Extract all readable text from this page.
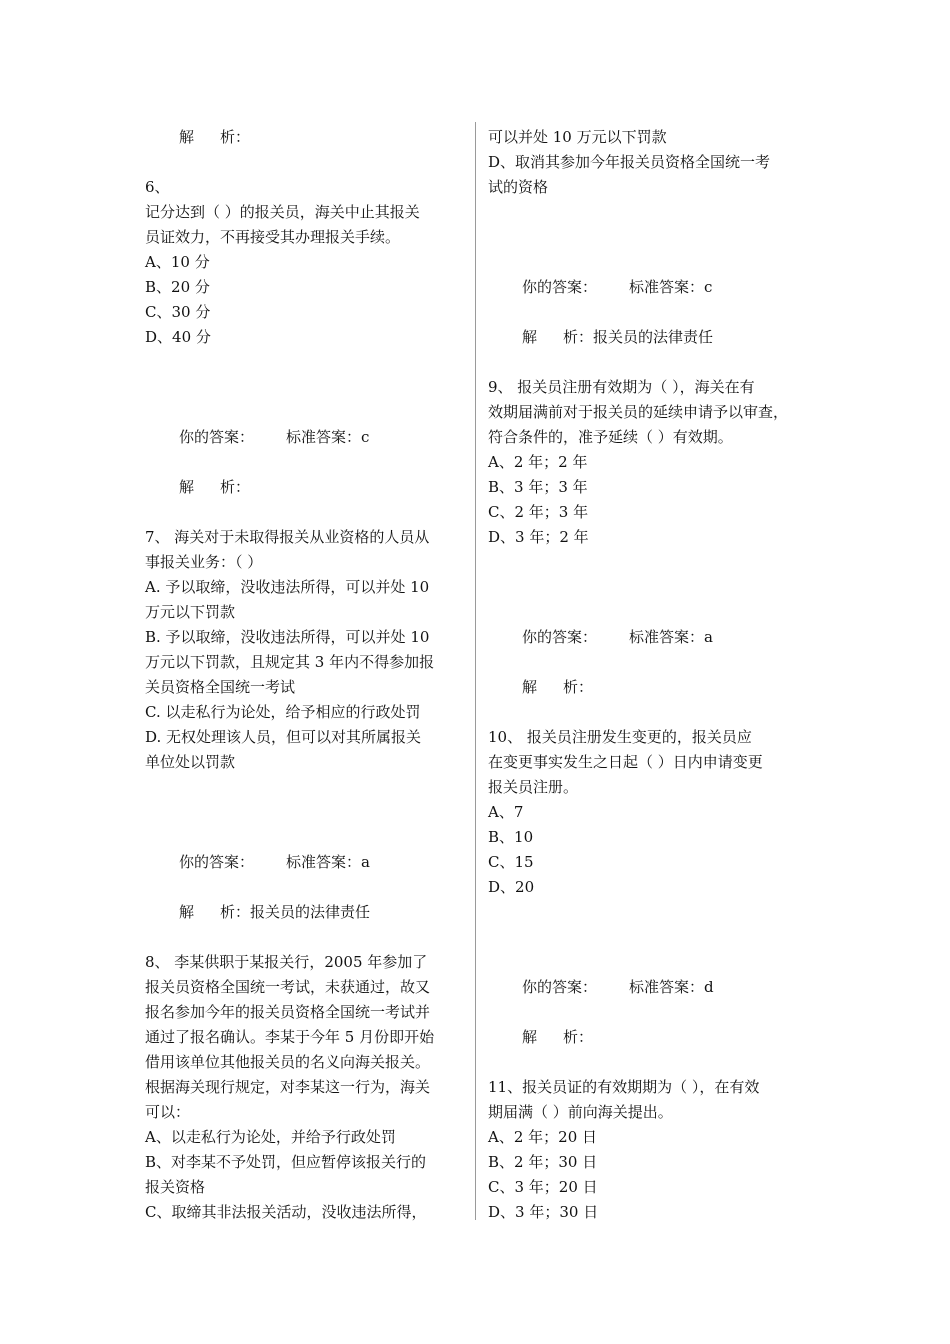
解 析：
6、
记分达到（ ）的报关员，海关中止其报关
员证效力，不再接受其办理报关手续。
A、10 分
B、20 分
C、30 分
D、40 分
你的答案： 标准答案：c
解 析：
7、 海关对于未取得报关从业资格的人员从
事报关业务：（ ）
A. 予以取缔，没收违法所得，可以并处 10
万元以下罚款
B. 予以取缔，没收违法所得，可以并处 10
万元以下罚款，且规定其 3 年内不得参加报
关员资格全国统一考试
C. 以走私行为论处，给予相应的行政处罚
D. 无权处理该人员，但可以对其所属报关
单位处以罚款
你的答案： 标准答案：a
解 析：报关员的法律责任
8、 李某供职于某报关行，2005 年参加了
报关员资格全国统一考试，未获通过，故又
报名参加今年的报关员资格全国统一考试并
通过了报名确认。李某于今年 5 月份即开始
借用该单位其他报关员的名义向海关报关。
根据海关现行规定，对李某这一行为，海关
可以：
A、以走私行为论处，并给予行政处罚
B、对李某不予处罚，但应暂停该报关行的
报关资格
C、取缔其非法报关活动，没收违法所得，
可以并处 10 万元以下罚款
D、取消其参加今年报关员资格全国统一考
试的资格
你的答案： 标准答案：c
解 析：报关员的法律责任
9、 报关员注册有效期为（ ），海关在有
效期届满前对于报关员的延续申请予以审查，
符合条件的，准予延续（ ）有效期。
A、2 年；2 年
B、3 年；3 年
C、2 年；3 年
D、3 年；2 年
你的答案： 标准答案：a
解 析：
10、 报关员注册发生变更的，报关员应
在变更事实发生之日起（ ）日内申请变更
报关员注册。
A、7
B、10
C、15
D、20
你的答案： 标准答案：d
解 析：
11、报关员证的有效期期为（ ），在有效
期届满（ ）前向海关提出。
A、2 年；20 日
B、2 年；30 日
C、3 年；20 日
D、3 年；30 日
